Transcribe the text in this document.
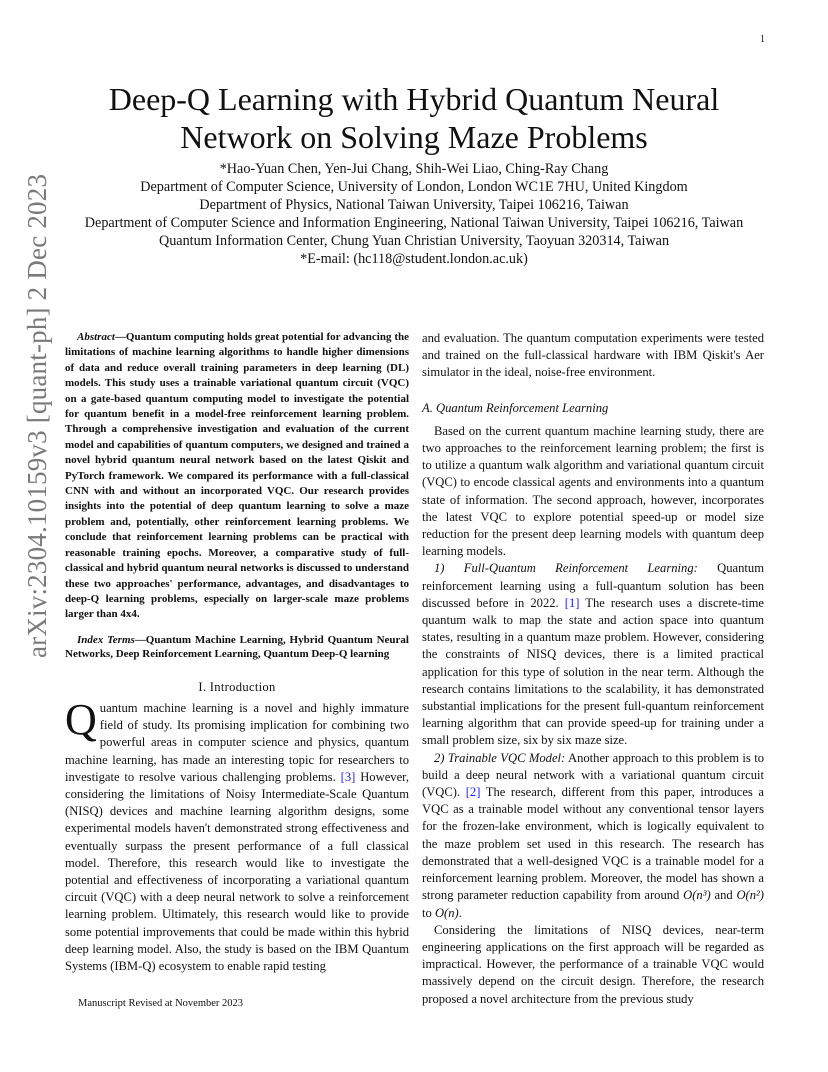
1
arXiv:2304.10159v3 [quant-ph] 2 Dec 2023
Deep-Q Learning with Hybrid Quantum Neural Network on Solving Maze Problems
*Hao-Yuan Chen, Yen-Jui Chang, Shih-Wei Liao, Ching-Ray Chang
Department of Computer Science, University of London, London WC1E 7HU, United Kingdom
Department of Physics, National Taiwan University, Taipei 106216, Taiwan
Department of Computer Science and Information Engineering, National Taiwan University, Taipei 106216, Taiwan
Quantum Information Center, Chung Yuan Christian University, Taoyuan 320314, Taiwan
*E-mail: (hc118@student.london.ac.uk)

Abstract—Quantum computing holds great potential for advancing the limitations of machine learning algorithms to handle higher dimensions of data and reduce overall training parameters in deep learning (DL) models. This study uses a trainable variational quantum circuit (VQC) on a gate-based quantum computing model to investigate the potential for quantum benefit in a model-free reinforcement learning problem. Through a comprehensive investigation and evaluation of the current model and capabilities of quantum computers, we designed and trained a novel hybrid quantum neural network based on the latest Qiskit and PyTorch framework. We compared its performance with a full-classical CNN with and without an incorporated VQC. Our research provides insights into the potential of deep quantum learning to solve a maze problem and, potentially, other reinforcement learning problems. We conclude that reinforcement learning problems can be practical with reasonable training epochs. Moreover, a comparative study of full-classical and hybrid quantum neural networks is discussed to understand these two approaches' performance, advantages, and disadvantages to deep-Q learning problems, especially on larger-scale maze problems larger than 4x4.

Index Terms—Quantum Machine Learning, Hybrid Quantum Neural Networks, Deep Reinforcement Learning, Quantum Deep-Q learning

I. Introduction

Quantum machine learning is a novel and highly immature field of study. Its promising implication for combining two powerful areas in computer science and physics, quantum machine learning, has made an interesting topic for researchers to investigate to resolve various challenging problems. [3] However, considering the limitations of Noisy Intermediate-Scale Quantum (NISQ) devices and machine learning algorithm designs, some experimental models haven't demonstrated strong effectiveness and eventually surpass the present performance of a full classical model. Therefore, this research would like to investigate the potential and effectiveness of incorporating a variational quantum circuit (VQC) with a deep neural network to solve a reinforcement learning problem. Ultimately, this research would like to provide some potential improvements that could be made within this hybrid deep learning model. Also, the study is based on the IBM Quantum Systems (IBM-Q) ecosystem to enable rapid testing

and evaluation. The quantum computation experiments were tested and trained on the full-classical hardware with IBM Qiskit's Aer simulator in the ideal, noise-free environment.

A. Quantum Reinforcement Learning

Based on the current quantum machine learning study, there are two approaches to the reinforcement learning problem; the first is to utilize a quantum walk algorithm and variational quantum circuit (VQC) to encode classical agents and environments into a quantum state of information. The second approach, however, incorporates the latest VQC to explore potential speed-up or model size reduction for the present deep learning models with quantum deep learning models.

1) Full-Quantum Reinforcement Learning: Quantum reinforcement learning using a full-quantum solution has been discussed before in 2022. [1] The research uses a discrete-time quantum walk to map the state and action space into quantum states, resulting in a quantum maze problem. However, considering the constraints of NISQ devices, there is a limited practical application for this type of solution in the near term. Although the research contains limitations to the scalability, it has demonstrated substantial implications for the present full-quantum reinforcement learning algorithm that can provide speed-up for training under a small problem size, six by six maze size.

2) Trainable VQC Model: Another approach to this problem is to build a deep neural network with a variational quantum circuit (VQC). [2] The research, different from this paper, introduces a VQC as a trainable model without any conventional tensor layers for the frozen-lake environment, which is logically equivalent to the maze problem set used in this research. The research has demonstrated that a well-designed VQC is a trainable model for a reinforcement learning problem. Moreover, the model has shown a strong parameter reduction capability from around O(n³) and O(n²) to O(n).

Considering the limitations of NISQ devices, near-term engineering applications on the first approach will be regarded as impractical. However, the performance of a trainable VQC would massively depend on the circuit design. Therefore, the research proposed a novel architecture from the previous study

Manuscript Revised at November 2023
